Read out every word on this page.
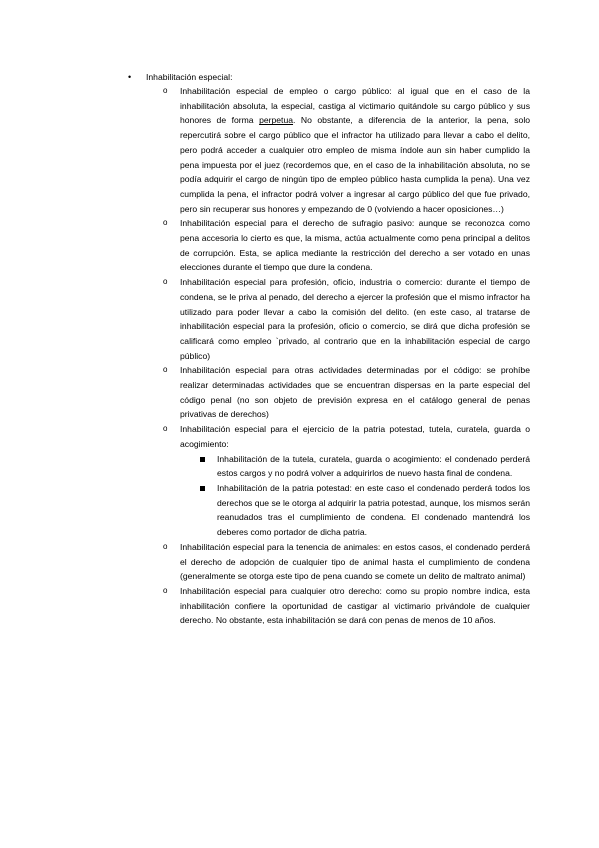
• Inhabilitación especial:
o Inhabilitación especial de empleo o cargo público: al igual que en el caso de la inhabilitación absoluta, la especial, castiga al victimario quitándole su cargo público y sus honores de forma perpetua. No obstante, a diferencia de la anterior, la pena, solo repercutirá sobre el cargo público que el infractor ha utilizado para llevar a cabo el delito, pero podrá acceder a cualquier otro empleo de misma índole aun sin haber cumplido la pena impuesta por el juez (recordemos que, en el caso de la inhabilitación absoluta, no se podía adquirir el cargo de ningún tipo de empleo público hasta cumplida la pena). Una vez cumplida la pena, el infractor podrá volver a ingresar al cargo público del que fue privado, pero sin recuperar sus honores y empezando de 0 (volviendo a hacer oposiciones…)

o Inhabilitación especial para el derecho de sufragio pasivo: aunque se reconozca como pena accesoria lo cierto es que, la misma, actúa actualmente como pena principal a delitos de corrupción. Esta, se aplica mediante la restricción del derecho a ser votado en unas elecciones durante el tiempo que dure la condena.

o Inhabilitación especial para profesión, oficio, industria o comercio: durante el tiempo de condena, se le priva al penado, del derecho a ejercer la profesión que el mismo infractor ha utilizado para poder llevar a cabo la comisión del delito. (en este caso, al tratarse de inhabilitación especial para la profesión, oficio o comercio, se dirá que dicha profesión se calificará como empleo `privado, al contrario que en la inhabilitación especial de cargo público)

o Inhabilitación especial para otras actividades determinadas por el código: se prohíbe realizar determinadas actividades que se encuentran dispersas en la parte especial del código penal (no son objeto de previsión expresa en el catálogo general de penas privativas de derechos)

o Inhabilitación especial para el ejercicio de la patria potestad, tutela, curatela, guarda o acogimiento:

Inhabilitación de la tutela, curatela, guarda o acogimiento: el condenado perderá estos cargos y no podrá volver a adquirirlos de nuevo hasta final de condena.

Inhabilitación de la patria potestad: en este caso el condenado perderá todos los derechos que se le otorga al adquirir la patria potestad, aunque, los mismos serán reanudados tras el cumplimiento de condena. El condenado mantendrá los deberes como portador de dicha patria.

o Inhabilitación especial para la tenencia de animales: en estos casos, el condenado perderá el derecho de adopción de cualquier tipo de animal hasta el cumplimiento de condena (generalmente se otorga este tipo de pena cuando se comete un delito de maltrato animal)

o Inhabilitación especial para cualquier otro derecho: como su propio nombre indica, esta inhabilitación confiere la oportunidad de castigar al victimario privándole de cualquier derecho. No obstante, esta inhabilitación se dará con penas de menos de 10 años.
